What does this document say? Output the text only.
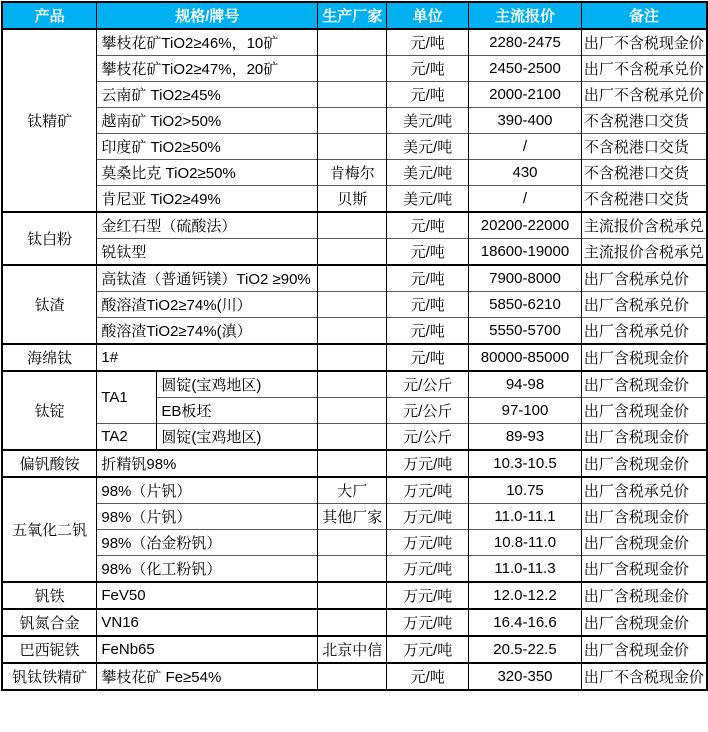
产品	规格/牌号		生产厂家	单位	主流报价	备注
钛精矿	攀枝花矿TiO2≥46%，10矿			元/吨	2280-2475	出厂不含税现金价
	攀枝花矿TiO2≥47%，20矿			元/吨	2450-2500	出厂不含税承兑价
	云南矿 TiO2≥45%			元/吨	2000-2100	出厂不含税承兑价
	越南矿 TiO2>50%			美元/吨	390-400	不含税港口交货
	印度矿 TiO2≥50%			美元/吨	/	不含税港口交货
	莫桑比克 TiO2≥50%		肯梅尔	美元/吨	430	不含税港口交货
	肯尼亚 TiO2≥49%		贝斯	美元/吨	/	不含税港口交货
钛白粉	金红石型（硫酸法）			元/吨	20200-22000	主流报价含税承兑
	锐钛型			元/吨	18600-19000	主流报价含税承兑
钛渣	高钛渣（普通钙镁）TiO2 ≥90%			元/吨	7900-8000	出厂含税承兑价
	酸溶渣TiO2≥74%(川）			元/吨	5850-6210	出厂含税承兑价
	酸溶渣TiO2≥74%(滇）			元/吨	5550-5700	出厂含税承兑价
海绵钛	1#			元/吨	80000-85000	出厂含税现金价
钛锭	TA1	圆锭(宝鸡地区)		元/公斤	94-98	出厂含税现金价
		EB板坯		元/公斤	97-100	出厂含税现金价
	TA2	圆锭(宝鸡地区)		元/公斤	89-93	出厂含税现金价
偏钒酸铵	折精钒98%			万元/吨	10.3-10.5	出厂含税现金价
五氧化二钒	98%（片钒）		大厂	万元/吨	10.75	出厂含税承兑价
	98%（片钒）		其他厂家	万元/吨	11.0-11.1	出厂含税现金价
	98%（冶金粉钒）			万元/吨	10.8-11.0	出厂含税现金价
	98%（化工粉钒）			万元/吨	11.0-11.3	出厂含税现金价
钒铁	FeV50			万元/吨	12.0-12.2	出厂含税现金价
钒氮合金	VN16			万元/吨	16.4-16.6	出厂含税现金价
巴西铌铁	FeNb65		北京中信	万元/吨	20.5-22.5	出厂含税现金价
钒钛铁精矿	攀枝花矿 Fe≥54%			元/吨	320-350	出厂不含税现金价
